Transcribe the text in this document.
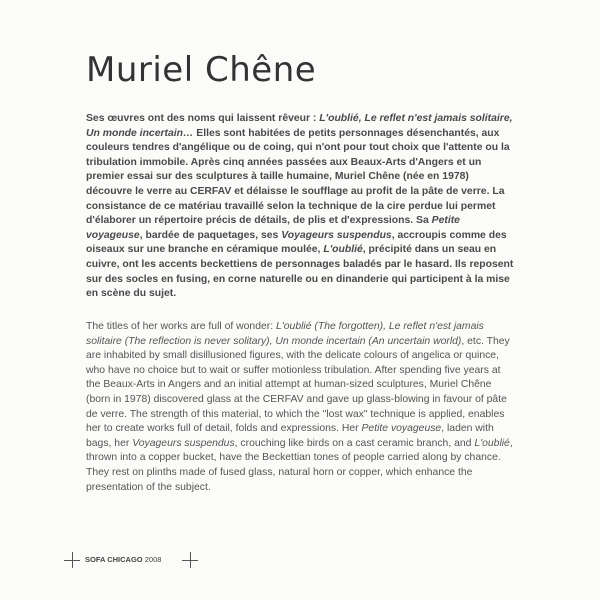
Muriel Chêne

Ses œuvres ont des noms qui laissent rêveur : L'oublié, Le reflet n'est jamais solitaire, Un monde incertain… Elles sont habitées de petits personnages désenchantés, aux couleurs tendres d'angélique ou de coing, qui n'ont pour tout choix que l'attente ou la tribulation immobile. Après cinq années passées aux Beaux-Arts d'Angers et un premier essai sur des sculptures à taille humaine, Muriel Chêne (née en 1978) découvre le verre au CERFAV et délaisse le soufflage au profit de la pâte de verre. La consistance de ce matériau travaillé selon la technique de la cire perdue lui permet d'élaborer un répertoire précis de détails, de plis et d'expressions. Sa Petite voyageuse, bardée de paquetages, ses Voyageurs suspendus, accroupis comme des oiseaux sur une branche en céramique moulée, L'oublié, précipité dans un seau en cuivre, ont les accents beckettiens de personnages baladés par le hasard. Ils reposent sur des socles en fusing, en corne naturelle ou en dinanderie qui participent à la mise en scène du sujet.

The titles of her works are full of wonder: L'oublié (The forgotten), Le reflet n'est jamais solitaire (The reflection is never solitary), Un monde incertain (An uncertain world), etc. They are inhabited by small disillusioned figures, with the delicate colours of angelica or quince, who have no choice but to wait or suffer motionless tribulation. After spending five years at the Beaux-Arts in Angers and an initial attempt at human-sized sculptures, Muriel Chêne (born in 1978) discovered glass at the CERFAV and gave up glass-blowing in favour of pâte de verre. The strength of this material, to which the "lost wax" technique is applied, enables her to create works full of detail, folds and expressions. Her Petite voyageuse, laden with bags, her Voyageurs suspendus, crouching like birds on a cast ceramic branch, and L'oublié, thrown into a copper bucket, have the Beckettian tones of people carried along by chance. They rest on plinths made of fused glass, natural horn or copper, which enhance the presentation of the subject.

SOFA CHICAGO 2008
